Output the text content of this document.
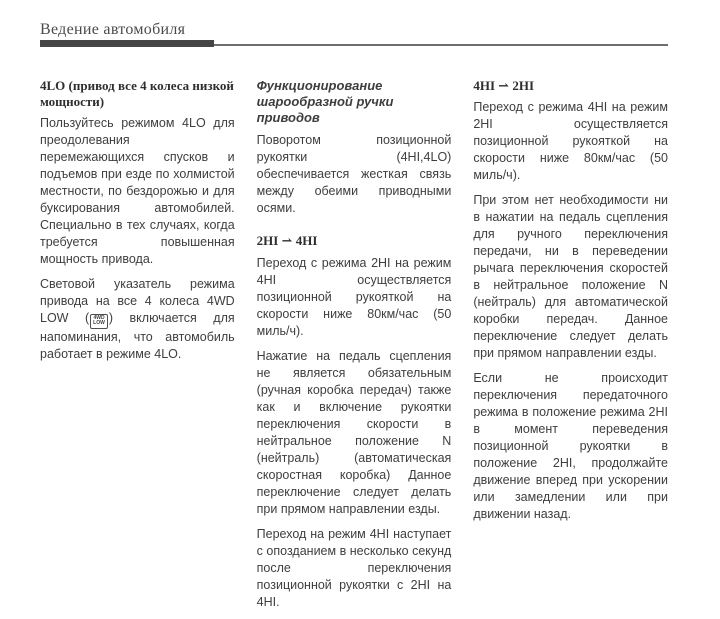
Ведение автомобиля
4LO (привод все 4 колеса низкой мощности)

Пользуйтесь режимом 4LO для преодолевания перемежающихся спусков и подъемов при езде по холмистой местности, по бездорожью и для буксирования автомобилей. Специально в тех случаях, когда требуется повышенная мощность привода.

Световой указатель режима привода на все 4 колеса 4WD LOW ( 4WD
LOW ) включается для напоминания, что автомобиль работает в режиме 4LO.

Функционирование шарообразной ручки приводов

Поворотом позиционной рукоятки (4HI,4LO) обеспечивается жесткая связь между обеими приводными осями.

2HI ⇀ 4HI

Переход с режима 2HI на режим 4HI осуществляется позиционной рукояткой на скорости ниже 80км/час (50 миль/ч).

Нажатие на педаль сцепления не является обязательным (ручная коробка передач) также как и включение рукоятки переключения скорости в нейтральное положение N (нейтраль) (автоматическая скоростная коробка) Данное переключение следует делать при прямом направлении езды.

Переход на режим 4HI наступает с опозданием в несколько секунд после переключения позиционной рукоятки с 2HI на 4HI.

4HI ⇀ 2HI

Переход с режима 4HI на режим 2HI осуществляется позиционной рукояткой на скорости ниже 80км/час (50 миль/ч).

При этом нет необходимости ни в нажатии на педаль сцепления для ручного переключения передачи, ни в переведении рычага переключения скоростей в нейтральное положение N (нейтраль) для автоматической коробки передач. Данное переключение следует делать при прямом направлении езды.

Если не происходит переключения передаточного режима в положение режима 2HI в момент переведения позиционной рукоятки в положение 2HI, продолжайте движение вперед при ускорении или замедлении или при движении назад.
